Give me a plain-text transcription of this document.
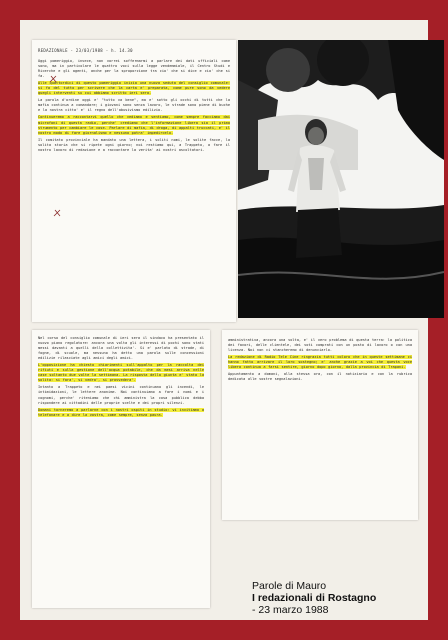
REDAZIONALE - 23/03/1988 - h. 14.30

Oggi pomeriggio, invece, non vorrei soffermarmi a parlare dei dati ufficiali come sono, ma in particolare le quattro voci sulla legge vendemmiale, il Centro Studi e Ricerche e gli agenti, anche per la sproporzione tra cio' che si dice e cio' che si fa.

Alle quattordici di questo pomeriggio inizia una nuova seduta del consiglio comunale: si fa del tutto per scrivere che la carta e' preparata, come pure sono da vedere quegli interventi su cui abbiamo scritto ieri sera.

La parola d'ordine oggi e' "tutto va bene", ma e' sotto gli occhi di tutti che la mafia continua a comandare; i giovani sono senza lavoro, le strade sono piene di buche e la nostra citta' e' il regno dell'abusivismo edilizio.

Continueremo a raccontarvi quello che vediamo e sentiamo, come sempre facciamo dai microfoni di questa radio, perche' crediamo che l'informazione libera sia il primo strumento per cambiare le cose. Parlare di mafia, di droga, di appalti truccati, e' il nostro modo di fare giornalismo e nessuno potra' impedircelo.

Il comitato provinciale ha mandato una lettera, i soliti nomi, le solite facce, la solita storia che si ripete ogni giorno; noi restiamo qui, a Trappeto, a fare il nostro lavoro di redazione e a raccontare la verita' ai nostri ascoltatori.

Nel corso del consiglio comunale di ieri sera il sindaco ha presentato il nuovo piano regolatore: ancora una volta gli interessi di pochi sono stati messi davanti a quelli della collettivita'. Si e' parlato di strade, di fogne, di scuole, ma nessuno ha detto una parola sulle concessioni edilizie rilasciate agli amici degli amici.

L'opposizione ha chiesto chiarimenti sull'appalto per la raccolta dei rifiuti e sulla gestione dell'acqua potabile, che da mesi arriva nelle case soltanto due volte la settimana. La risposta della giunta e' stata la solita: si fara', si vedra', si provvedera'.

Intanto a Trappeto e nei paesi vicini continuano gli incendi, le intimidazioni, le lettere anonime. Noi continuiamo a fare i nomi e i cognomi, perche' riteniamo che chi amministra la cosa pubblica debba rispondere ai cittadini delle proprie scelte e dei propri silenzi.

Domani torneremo a parlarne con i nostri ospiti in studio: vi invitiamo a telefonare e a dire la vostra, come sempre, senza paura.

amministrativa, ancora una volta, e' il vero problema di questa terra: la politica dei favori, delle clientele, dei voti comprati con un posto di lavoro o con una licenza. Noi non ci stancheremo di denunciarlo.

La redazione di Radio Tele Cine ringrazia tutti coloro che in queste settimane ci hanno fatto arrivare il loro sostegno; e' anche grazie a voi che questa voce libera continua a farsi sentire, giorno dopo giorno, dalla provincia di Trapani.

Appuntamento a domani, alla stessa ora, con il notiziario e con la rubrica dedicata alle vostre segnalazioni.

Parole di Mauro
I redazionali di Rostagno
- 23 marzo 1988
